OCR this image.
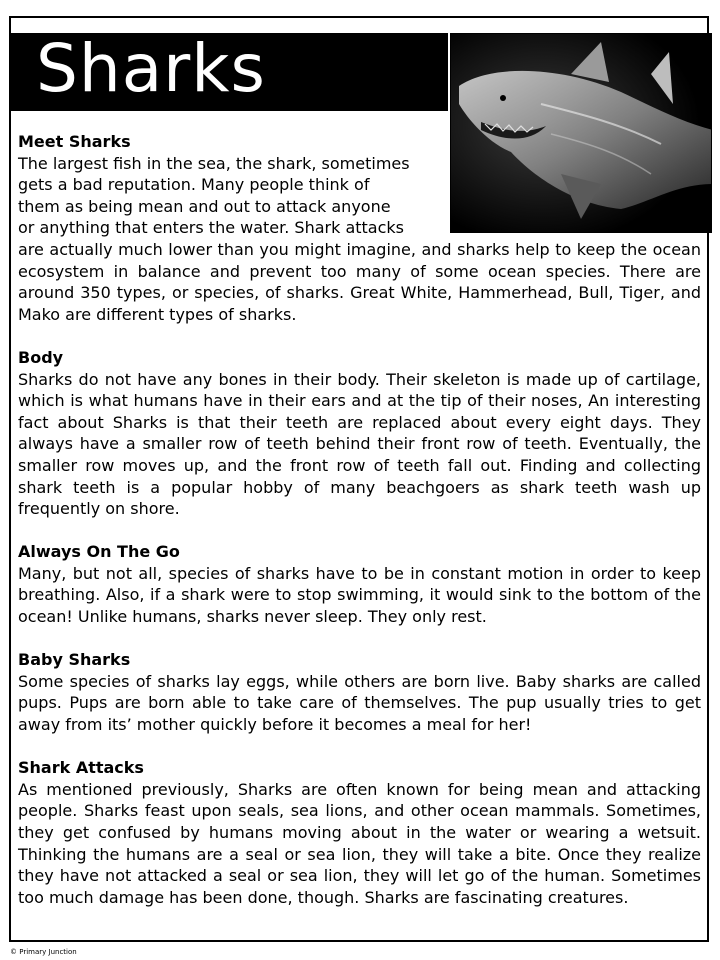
Sharks
Meet Sharks
The largest fish in the sea, the shark, sometimes
gets a bad reputation. Many people think of
them as being mean and out to attack anyone
or anything that enters the water. Shark attacks

are actually much lower than you might imagine, and sharks help to keep the ocean ecosystem in balance and prevent too many of some ocean species. There are around 350 types, or species, of sharks. Great White, Hammerhead, Bull, Tiger, and Mako are different types of sharks.

Body

Sharks do not have any bones in their body. Their skeleton is made up of cartilage, which is what humans have in their ears and at the tip of their noses, An interesting fact about Sharks is that their teeth are replaced about every eight days. They always have a smaller row of teeth behind their front row of teeth. Eventually, the smaller row moves up, and the front row of teeth fall out. Finding and collecting shark teeth is a popular hobby of many beachgoers as shark teeth wash up frequently on shore.

Always On The Go

Many, but not all, species of sharks have to be in constant motion in order to keep breathing. Also, if a shark were to stop swimming, it would sink to the bottom of the ocean! Unlike humans, sharks never sleep. They only rest.

Baby Sharks

Some species of sharks lay eggs, while others are born live. Baby sharks are called pups. Pups are born able to take care of themselves. The pup usually tries to get away from its’ mother quickly before it becomes a meal for her!

Shark Attacks

As mentioned previously, Sharks are often known for being mean and attacking people. Sharks feast upon seals, sea lions, and other ocean mammals. Sometimes, they get confused by humans moving about in the water or wearing a wetsuit. Thinking the humans are a seal or sea lion, they will take a bite. Once they realize they have not attacked a seal or sea lion, they will let go of the human. Sometimes too much damage has been done, though. Sharks are fascinating creatures.

© Primary Junction
